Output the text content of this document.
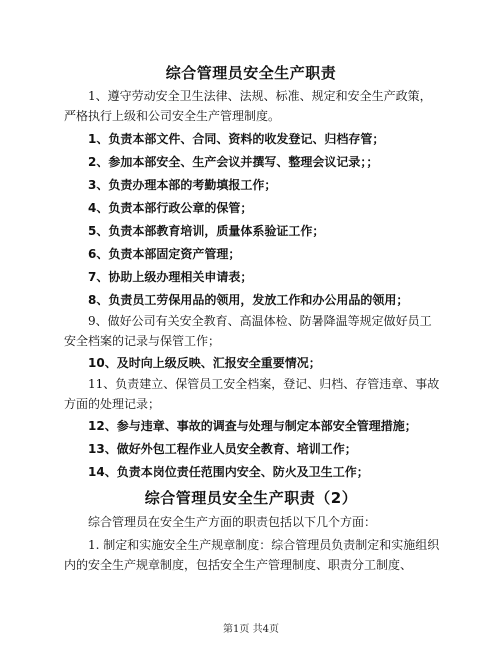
综合管理员安全生产职责
1、遵守劳动安全卫生法律、法规、标准、规定和安全生产政策，严格执行上级和公司安全生产管理制度。
1、负责本部文件、合同、资料的收发登记、归档存管；
2、参加本部安全、生产会议并撰写、整理会议记录；；
3、负责办理本部的考勤填报工作；
4、负责本部行政公章的保管；
5、负责本部教育培训，质量体系验证工作；
6、负责本部固定资产管理；
7、协助上级办理相关申请表；
8、负责员工劳保用品的领用，发放工作和办公用品的领用；
9、做好公司有关安全教育、高温体检、防暑降温等规定做好员工安全档案的记录与保管工作；
10、及时向上级反映、汇报安全重要情况；
11、负责建立、保管员工安全档案，登记、归档、存管违章、事故方面的处理记录；
12、参与违章、事故的调查与处理与制定本部安全管理措施；
13、做好外包工程作业人员安全教育、培训工作；
14、负责本岗位责任范围内安全、防火及卫生工作；
综合管理员安全生产职责（2）
综合管理员在安全生产方面的职责包括以下几个方面：
1. 制定和实施安全生产规章制度：综合管理员负责制定和实施组织内的安全生产规章制度，包括安全生产管理制度、职责分工制度、
第1页 共4页
